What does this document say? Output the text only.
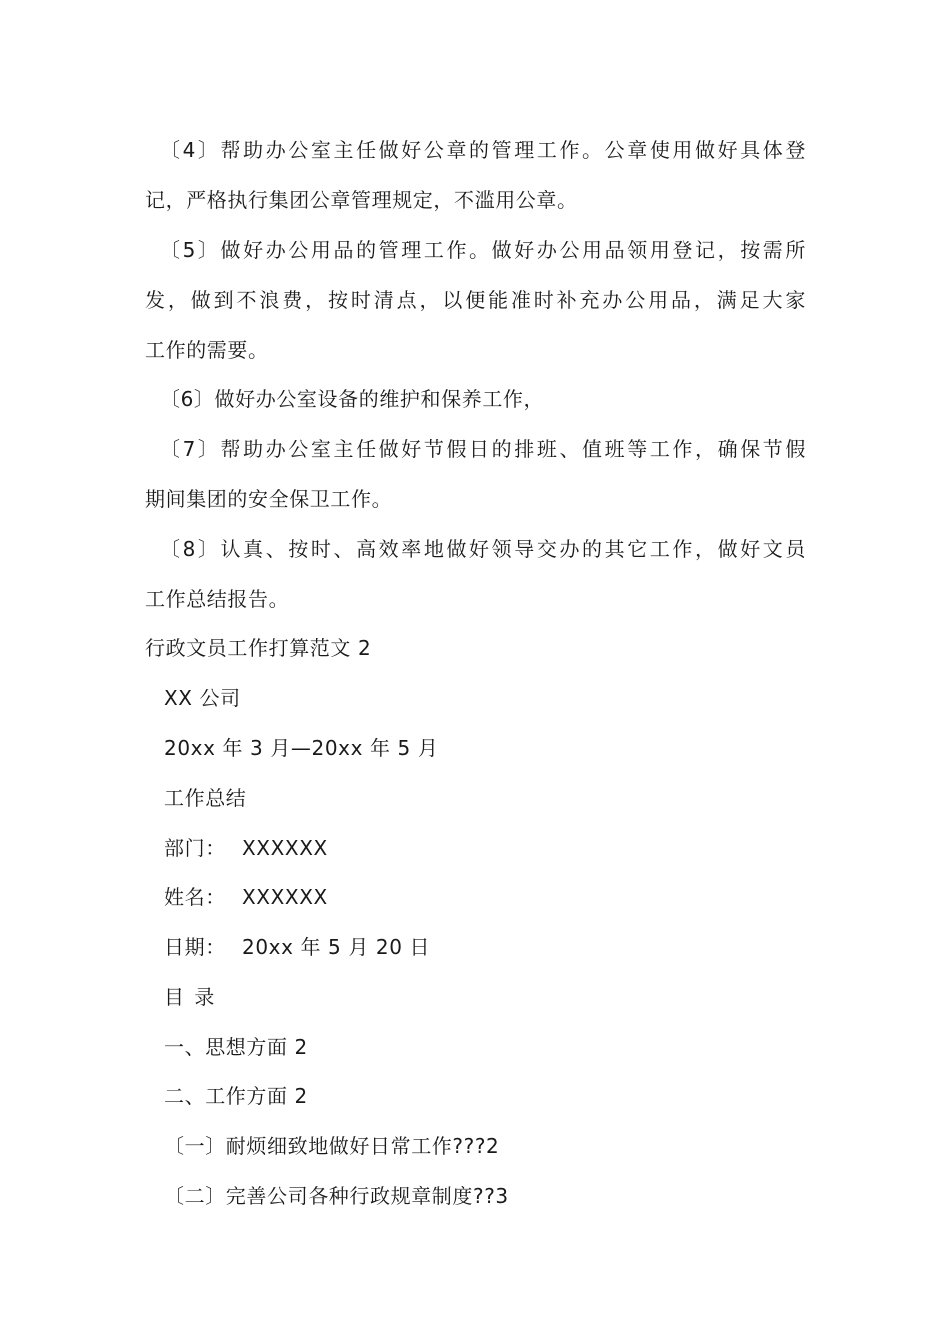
〔4〕帮助办公室主任做好公章的管理工作。公章使用做好具体登
记，严格执行集团公章管理规定，不滥用公章。
〔5〕做好办公用品的管理工作。做好办公用品领用登记，按需所
发，做到不浪费，按时清点，以便能准时补充办公用品，满足大家
工作的需要。
〔6〕做好办公室设备的维护和保养工作，
〔7〕帮助办公室主任做好节假日的排班、值班等工作，确保节假
期间集团的安全保卫工作。
〔8〕认真、按时、高效率地做好领导交办的其它工作，做好文员
工作总结报告。
行政文员工作打算范文 2
XX 公司
20xx 年 3 月—20xx 年 5 月
工作总结
部门： XXXXXX
姓名： XXXXXX
日期： 20xx 年 5 月 20 日
目 录
一、思想方面 2
二、工作方面 2
〔一〕耐烦细致地做好日常工作???2
〔二〕完善公司各种行政规章制度??3
